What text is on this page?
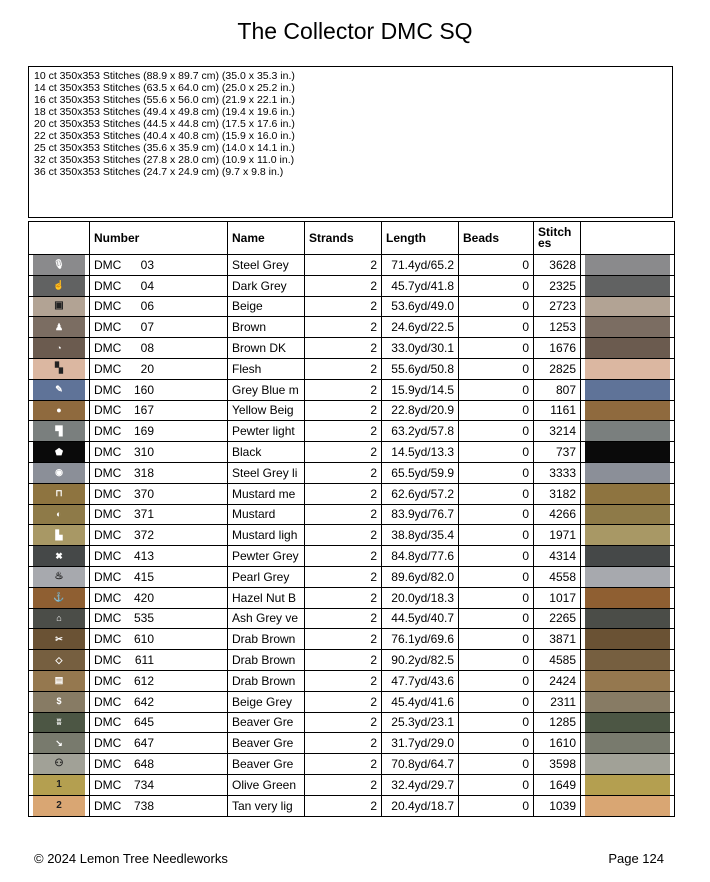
The Collector DMC SQ
10 ct 350x353 Stitches (88.9 x 89.7 cm) (35.0 x 35.3 in.)
14 ct 350x353 Stitches (63.5 x 64.0 cm) (25.0 x 25.2 in.)
16 ct 350x353 Stitches (55.6 x 56.0 cm) (21.9 x 22.1 in.)
18 ct 350x353 Stitches (49.4 x 49.8 cm) (19.4 x 19.6 in.)
20 ct 350x353 Stitches (44.5 x 44.8 cm) (17.5 x 17.6 in.)
22 ct 350x353 Stitches (40.4 x 40.8 cm) (15.9 x 16.0 in.)
25 ct 350x353 Stitches (35.6 x 35.9 cm) (14.0 x 14.1 in.)
32 ct 350x353 Stitches (27.8 x 28.0 cm) (10.9 x 11.0 in.)
36 ct 350x353 Stitches (24.7 x 24.9 cm) (9.7 x 9.8 in.)
	Number	Name	Strands	Length	Beads	Stitch
es	

🎙	DMC 03	Steel Grey	2	71.4yd/65.2	0	3628	

☝	DMC 04	Dark Grey	2	45.7yd/41.8	0	2325	

▣	DMC 06	Beige	2	53.6yd/49.0	0	2723	

♟	DMC 07	Brown	2	24.6yd/22.5	0	1253	

◔	DMC 08	Brown DK	2	33.0yd/30.1	0	1676	

▚	DMC 20	Flesh	2	55.6yd/50.8	0	2825	

✎	DMC 160	Grey Blue m	2	15.9yd/14.5	0	807	

●	DMC 167	Yellow Beig	2	22.8yd/20.9	0	1161	

▜	DMC 169	Pewter light	2	63.2yd/57.8	0	3214	

⬟	DMC 310	Black	2	14.5yd/13.3	0	737	

◉	DMC 318	Steel Grey li	2	65.5yd/59.9	0	3333	

⊓	DMC 370	Mustard me	2	62.6yd/57.2	0	3182	

◐	DMC 371	Mustard	2	83.9yd/76.7	0	4266	

▙	DMC 372	Mustard ligh	2	38.8yd/35.4	0	1971	

✖	DMC 413	Pewter Grey	2	84.8yd/77.6	0	4314	

♨	DMC 415	Pearl Grey	2	89.6yd/82.0	0	4558	

⚓	DMC 420	Hazel Nut B	2	20.0yd/18.3	0	1017	

⌂	DMC 535	Ash Grey ve	2	44.5yd/40.7	0	2265	

✂	DMC 610	Drab Brown	2	76.1yd/69.6	0	3871	

◇	DMC 611	Drab Brown	2	90.2yd/82.5	0	4585	

▤	DMC 612	Drab Brown	2	47.7yd/43.6	0	2424	

$	DMC 642	Beige Grey	2	45.4yd/41.6	0	2311	

ʬ	DMC 645	Beaver Gre	2	25.3yd/23.1	0	1285	

↘	DMC 647	Beaver Gre	2	31.7yd/29.0	0	1610	

⚇	DMC 648	Beaver Gre	2	70.8yd/64.7	0	3598	

1	DMC 734	Olive Green	2	32.4yd/29.7	0	1649	

2	DMC 738	Tan very lig	2	20.4yd/18.7	0	1039	
© 2024 Lemon Tree Needleworks	Page 124
